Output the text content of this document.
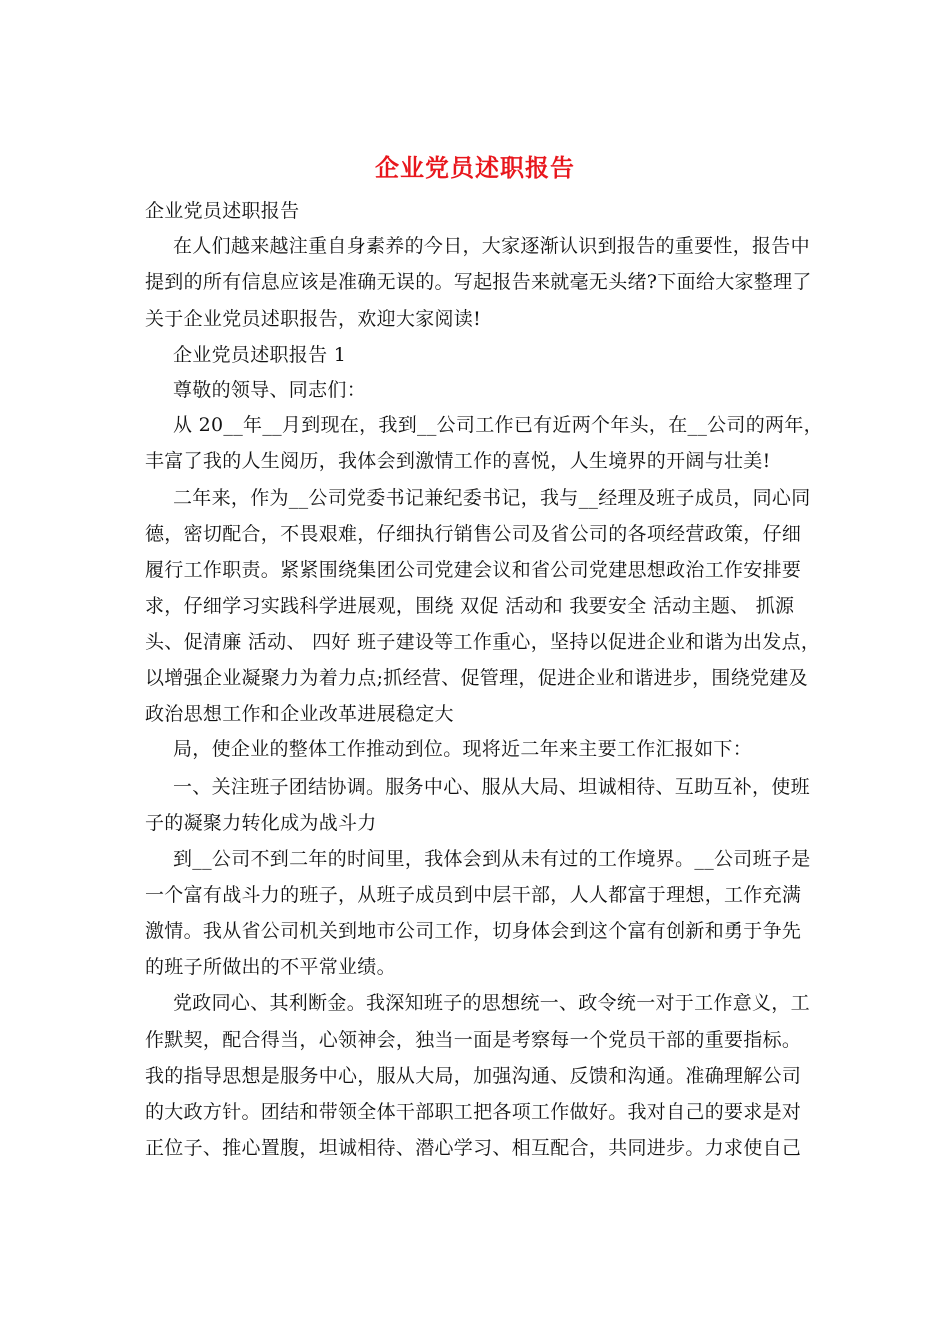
企业党员述职报告
企业党员述职报告
在人们越来越注重自身素养的今日，大家逐渐认识到报告的重要性，报告中
提到的所有信息应该是准确无误的。写起报告来就毫无头绪?下面给大家整理了
关于企业党员述职报告，欢迎大家阅读!
企业党员述职报告 1
尊敬的领导、同志们：
从 20__年__月到现在，我到__公司工作已有近两个年头，在__公司的两年，
丰富了我的人生阅历，我体会到激情工作的喜悦，人生境界的开阔与壮美!
二年来，作为__公司党委书记兼纪委书记，我与__经理及班子成员，同心同
德，密切配合，不畏艰难，仔细执行销售公司及省公司的各项经营政策，仔细
履行工作职责。紧紧围绕集团公司党建会议和省公司党建思想政治工作安排要
求，仔细学习实践科学进展观，围绕 双促 活动和 我要安全 活动主题、 抓源
头、促清廉 活动、 四好 班子建设等工作重心，坚持以促进企业和谐为出发点，
以增强企业凝聚力为着力点;抓经营、促管理，促进企业和谐进步，围绕党建及
政治思想工作和企业改革进展稳定大
局，使企业的整体工作推动到位。现将近二年来主要工作汇报如下：
一、关注班子团结协调。服务中心、服从大局、坦诚相待、互助互补，使班
子的凝聚力转化成为战斗力
到__公司不到二年的时间里，我体会到从未有过的工作境界。__公司班子是
一个富有战斗力的班子，从班子成员到中层干部，人人都富于理想，工作充满
激情。我从省公司机关到地市公司工作，切身体会到这个富有创新和勇于争先
的班子所做出的不平常业绩。
党政同心、其利断金。我深知班子的思想统一、政令统一对于工作意义，工
作默契，配合得当，心领神会，独当一面是考察每一个党员干部的重要指标。
我的指导思想是服务中心，服从大局，加强沟通、反馈和沟通。准确理解公司
的大政方针。团结和带领全体干部职工把各项工作做好。我对自己的要求是对
正位子、推心置腹，坦诚相待、潜心学习、相互配合，共同进步。力求使自己
